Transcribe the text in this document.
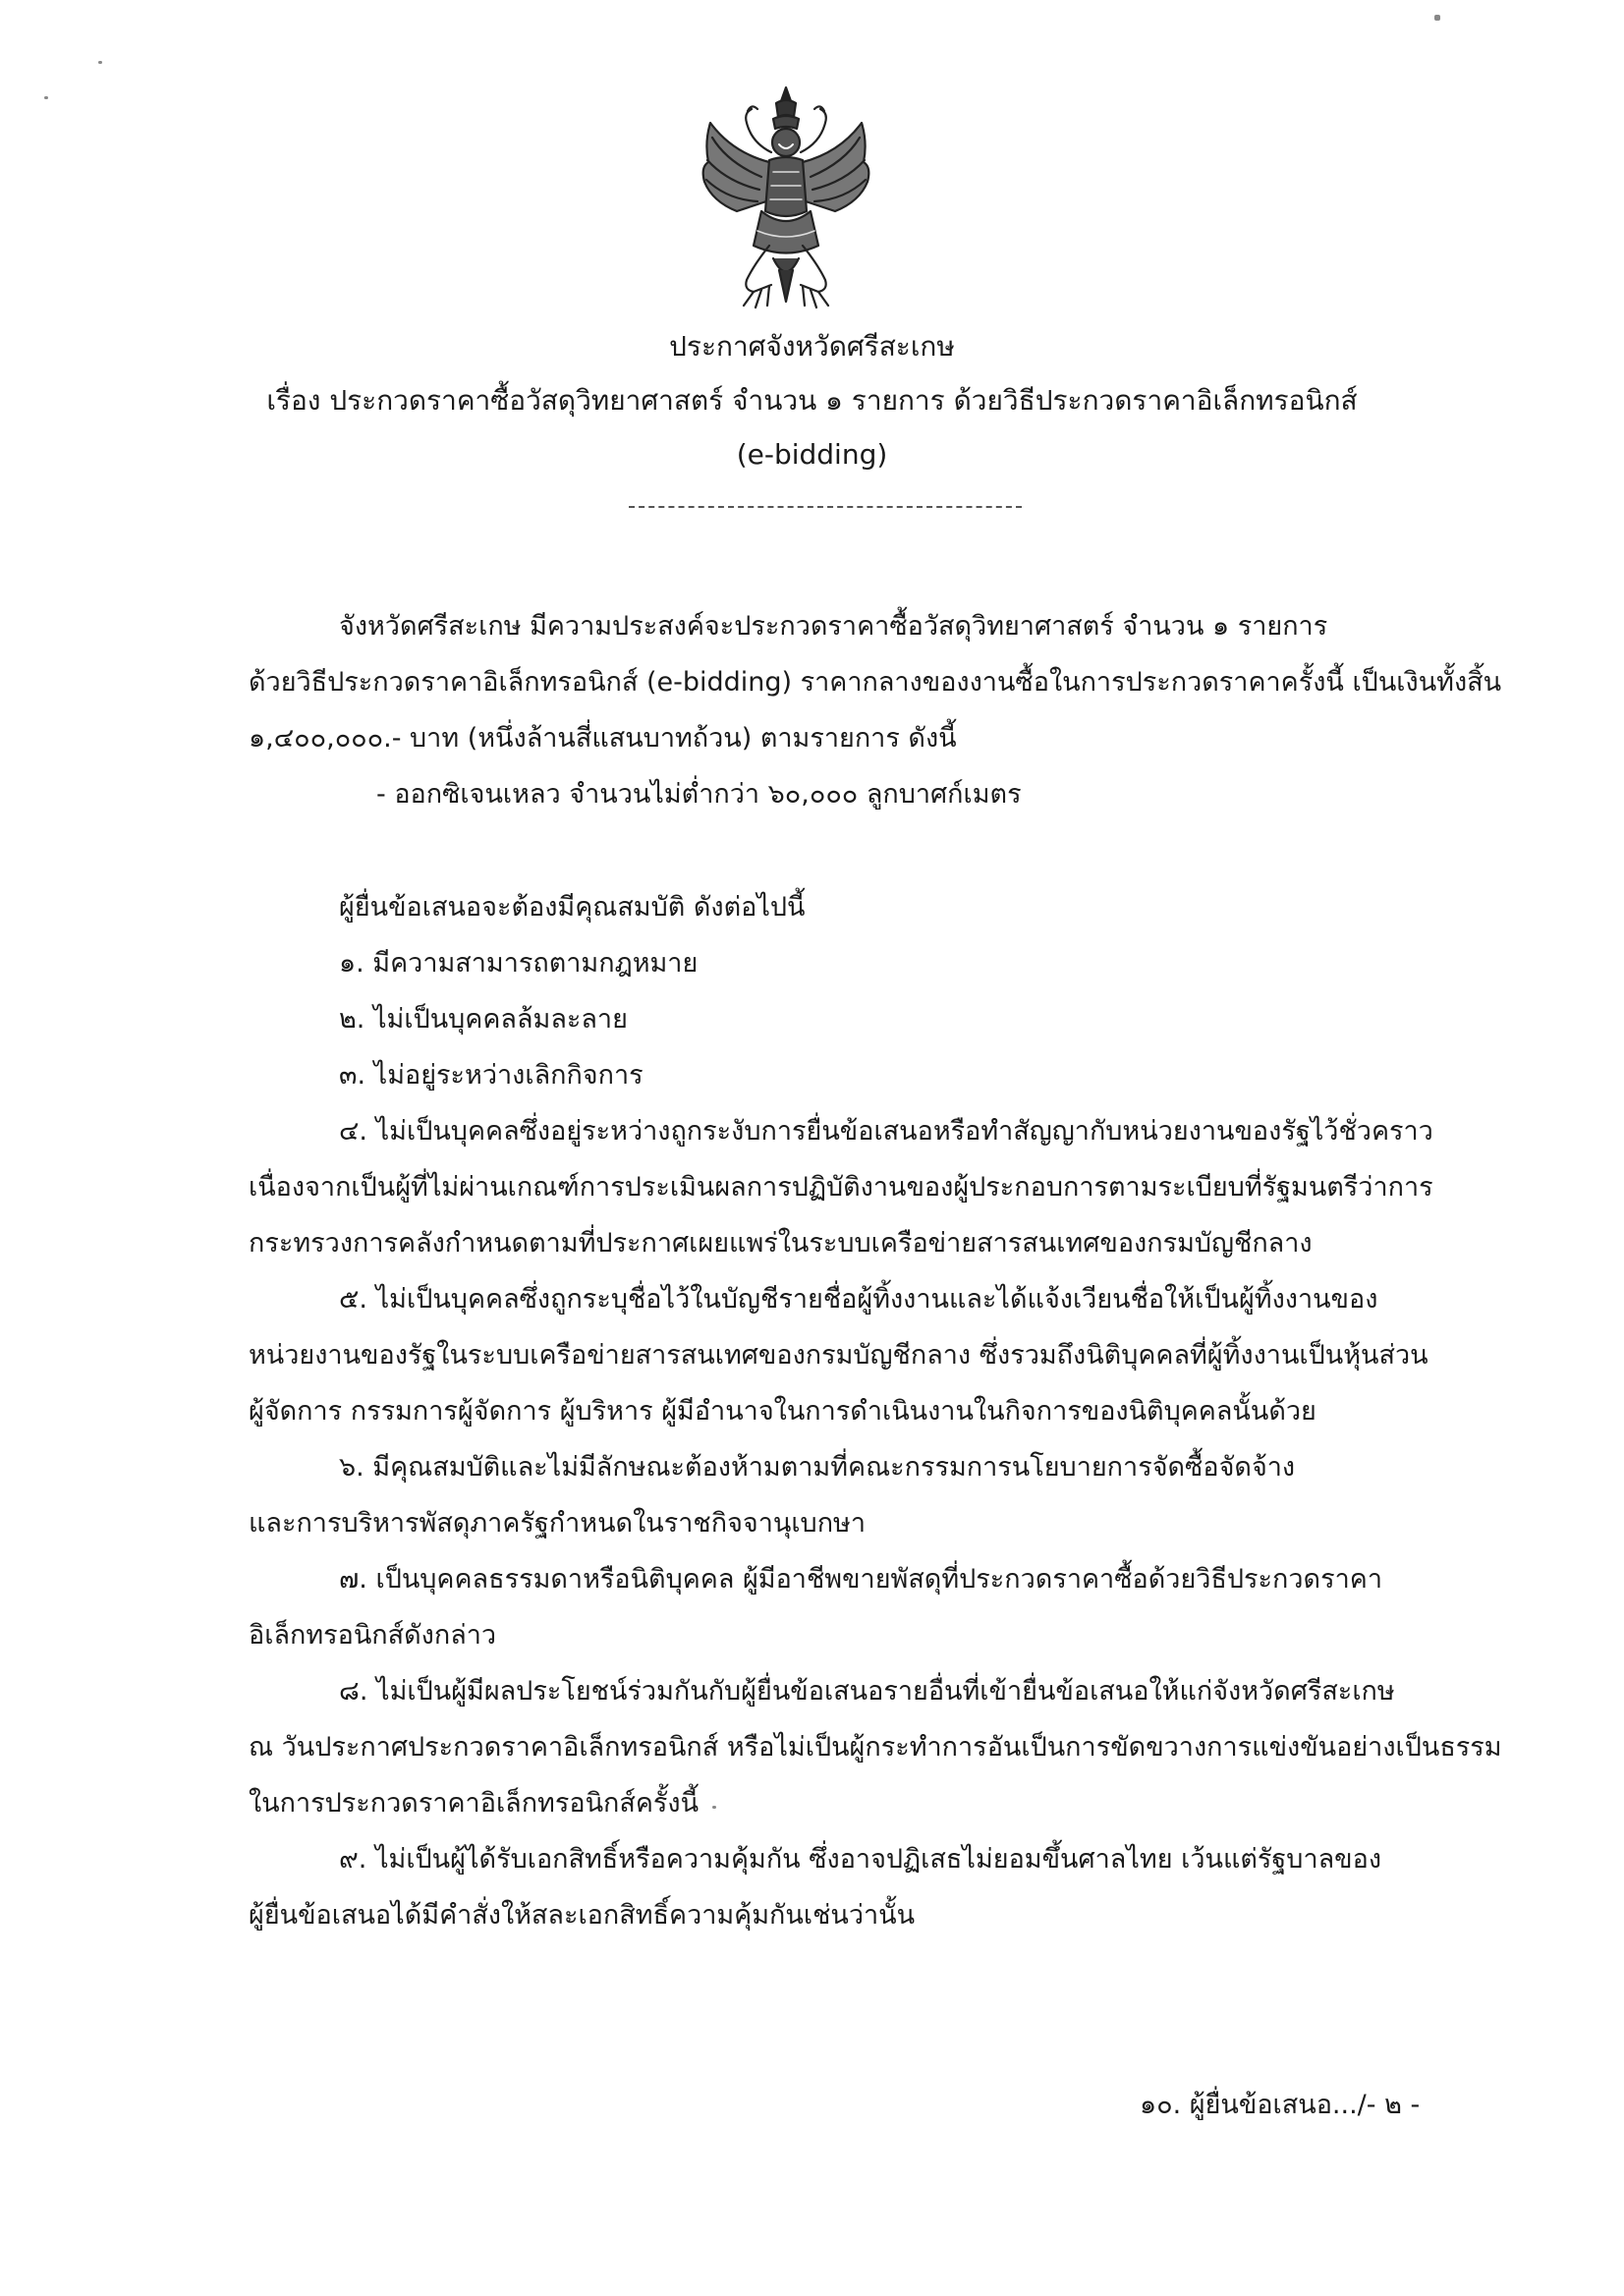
ประกาศจังหวัดศรีสะเกษ
เรื่อง ประกวดราคาซื้อวัสดุวิทยาศาสตร์ จำนวน ๑ รายการ ด้วยวิธีประกวดราคาอิเล็กทรอนิกส์
(e-bidding)
จังหวัดศรีสะเกษ มีความประสงค์จะประกวดราคาซื้อวัสดุวิทยาศาสตร์ จำนวน ๑ รายการ
ด้วยวิธีประกวดราคาอิเล็กทรอนิกส์ (e-bidding) ราคากลางของงานซื้อในการประกวดราคาครั้งนี้ เป็นเงินทั้งสิ้น
๑,๔๐๐,๐๐๐.- บาท (หนึ่งล้านสี่แสนบาทถ้วน) ตามรายการ ดังนี้
- ออกซิเจนเหลว จำนวนไม่ต่ำกว่า ๖๐,๐๐๐ ลูกบาศก์เมตร
ผู้ยื่นข้อเสนอจะต้องมีคุณสมบัติ ดังต่อไปนี้
๑. มีความสามารถตามกฎหมาย
๒. ไม่เป็นบุคคลล้มละลาย
๓. ไม่อยู่ระหว่างเลิกกิจการ
๔. ไม่เป็นบุคคลซึ่งอยู่ระหว่างถูกระงับการยื่นข้อเสนอหรือทำสัญญากับหน่วยงานของรัฐไว้ชั่วคราว
เนื่องจากเป็นผู้ที่ไม่ผ่านเกณฑ์การประเมินผลการปฏิบัติงานของผู้ประกอบการตามระเบียบที่รัฐมนตรีว่าการ
กระทรวงการคลังกำหนดตามที่ประกาศเผยแพร่ในระบบเครือข่ายสารสนเทศของกรมบัญชีกลาง
๕. ไม่เป็นบุคคลซึ่งถูกระบุชื่อไว้ในบัญชีรายชื่อผู้ทิ้งงานและได้แจ้งเวียนชื่อให้เป็นผู้ทิ้งงานของ
หน่วยงานของรัฐในระบบเครือข่ายสารสนเทศของกรมบัญชีกลาง ซึ่งรวมถึงนิติบุคคลที่ผู้ทิ้งงานเป็นหุ้นส่วน
ผู้จัดการ กรรมการผู้จัดการ ผู้บริหาร ผู้มีอำนาจในการดำเนินงานในกิจการของนิติบุคคลนั้นด้วย
๖. มีคุณสมบัติและไม่มีลักษณะต้องห้ามตามที่คณะกรรมการนโยบายการจัดซื้อจัดจ้าง
และการบริหารพัสดุภาครัฐกำหนดในราชกิจจานุเบกษา
๗. เป็นบุคคลธรรมดาหรือนิติบุคคล ผู้มีอาชีพขายพัสดุที่ประกวดราคาซื้อด้วยวิธีประกวดราคา
อิเล็กทรอนิกส์ดังกล่าว
๘. ไม่เป็นผู้มีผลประโยชน์ร่วมกันกับผู้ยื่นข้อเสนอรายอื่นที่เข้ายื่นข้อเสนอให้แก่จังหวัดศรีสะเกษ
ณ วันประกาศประกวดราคาอิเล็กทรอนิกส์ หรือไม่เป็นผู้กระทำการอันเป็นการขัดขวางการแข่งขันอย่างเป็นธรรม
ในการประกวดราคาอิเล็กทรอนิกส์ครั้งนี้
๙. ไม่เป็นผู้ได้รับเอกสิทธิ์หรือความคุ้มกัน ซึ่งอาจปฏิเสธไม่ยอมขึ้นศาลไทย เว้นแต่รัฐบาลของ
ผู้ยื่นข้อเสนอได้มีคำสั่งให้สละเอกสิทธิ์ความคุ้มกันเช่นว่านั้น
๑๐. ผู้ยื่นข้อเสนอ.../- ๒ -
